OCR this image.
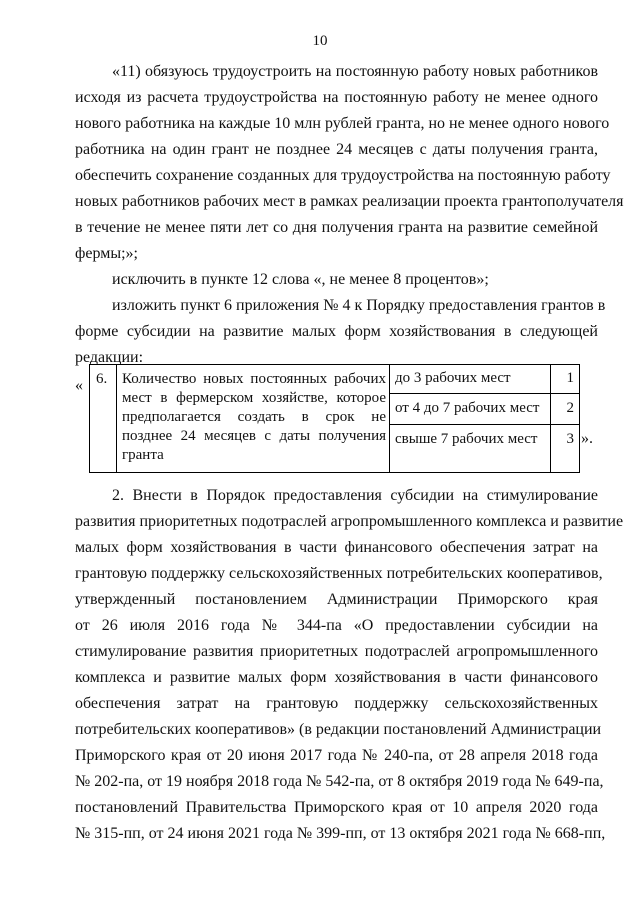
10
«11) обязуюсь трудоустроить на постоянную работу новых работников
исходя из расчета трудоустройства на постоянную работу не менее одного
нового работника на каждые 10 млн рублей гранта, но не менее одного нового
работника на один грант не позднее 24 месяцев с даты получения гранта,
обеспечить сохранение созданных для трудоустройства на постоянную работу
новых работников рабочих мест в рамках реализации проекта грантополучателя
в течение не менее пяти лет со дня получения гранта на развитие семейной
фермы;»;
исключить в пункте 12 слова «, не менее 8 процентов»;
изложить пункт 6 приложения № 4 к Порядку предоставления грантов в
форме субсидии на развитие малых форм хозяйствования в следующей
редакции:
« 6. Количество новых постоянных рабочих
мест в фермерском хозяйстве, которое
предполагается создать в срок не
позднее 24 месяцев с даты получения
гранта
до 3 рабочих мест
от 4 до 7 рабочих мест
свыше 7 рабочих мест
1
2
3 ».
2. Внести в Порядок предоставления субсидии на стимулирование
развития приоритетных подотраслей агропромышленного комплекса и развитие
малых форм хозяйствования в части финансового обеспечения затрат на
грантовую поддержку сельскохозяйственных потребительских кооперативов,
утвержденный постановлением Администрации Приморского края
от 26 июля 2016 года № 344-па «О предоставлении субсидии на
стимулирование развития приоритетных подотраслей агропромышленного
комплекса и развитие малых форм хозяйствования в части финансового
обеспечения затрат на грантовую поддержку сельскохозяйственных
потребительских кооперативов» (в редакции постановлений Администрации
Приморского края от 20 июня 2017 года № 240-па, от 28 апреля 2018 года
№ 202-па, от 19 ноября 2018 года № 542-па, от 8 октября 2019 года № 649-па,
постановлений Правительства Приморского края от 10 апреля 2020 года
№ 315-пп, от 24 июня 2021 года № 399-пп, от 13 октября 2021 года № 668-пп,
